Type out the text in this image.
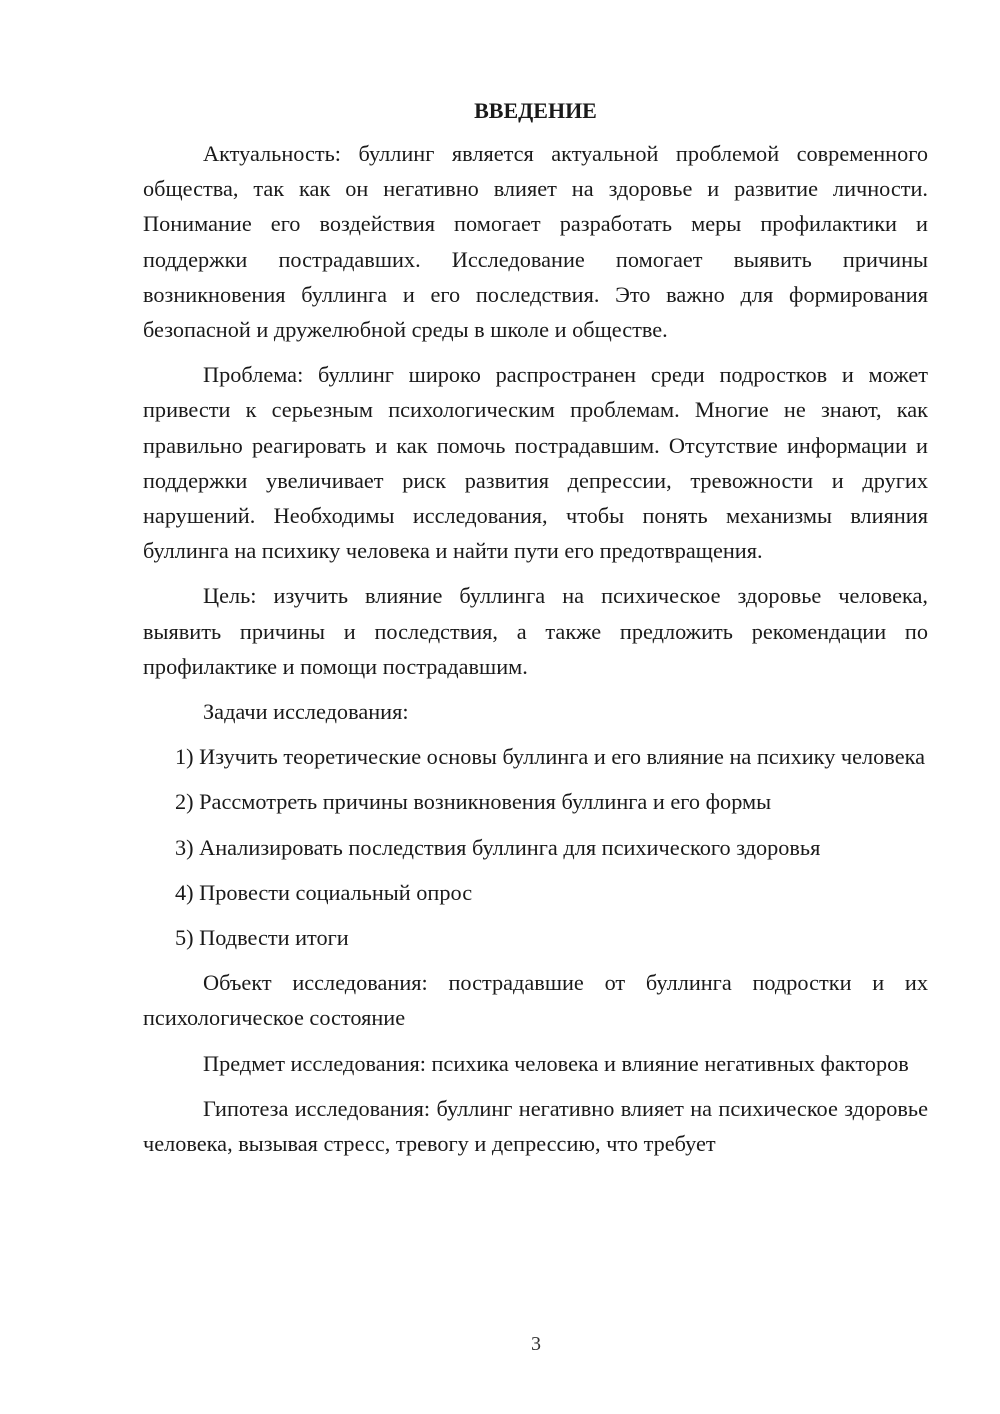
ВВЕДЕНИЕ

Актуальность: буллинг является актуальной проблемой современного общества, так как он негативно влияет на здоровье и развитие личности. Понимание его воздействия помогает разработать меры профилактики и поддержки пострадавших. Исследование помогает выявить причины возникновения буллинга и его последствия. Это важно для формирования безопасной и дружелюбной среды в школе и обществе.

Проблема: буллинг широко распространен среди подростков и может привести к серьезным психологическим проблемам. Многие не знают, как правильно реагировать и как помочь пострадавшим. Отсутствие информации и поддержки увеличивает риск развития депрессии, тревожности и других нарушений. Необходимы исследования, чтобы понять механизмы влияния буллинга на психику человека и найти пути его предотвращения.

Цель: изучить влияние буллинга на психическое здоровье человека, выявить причины и последствия, а также предложить рекомендации по профилактике и помощи пострадавшим.

Задачи исследования:

1) Изучить теоретические основы буллинга и его влияние на психику человека

2) Рассмотреть причины возникновения буллинга и его формы

3) Анализировать последствия буллинга для психического здоровья

4) Провести социальный опрос

5) Подвести итоги

Объект исследования: пострадавшие от буллинга подростки и их психологическое состояние

Предмет исследования: психика человека и влияние негативных факторов

Гипотеза исследования: буллинг негативно влияет на психическое здоровье человека, вызывая стресс, тревогу и депрессию, что требует

3
